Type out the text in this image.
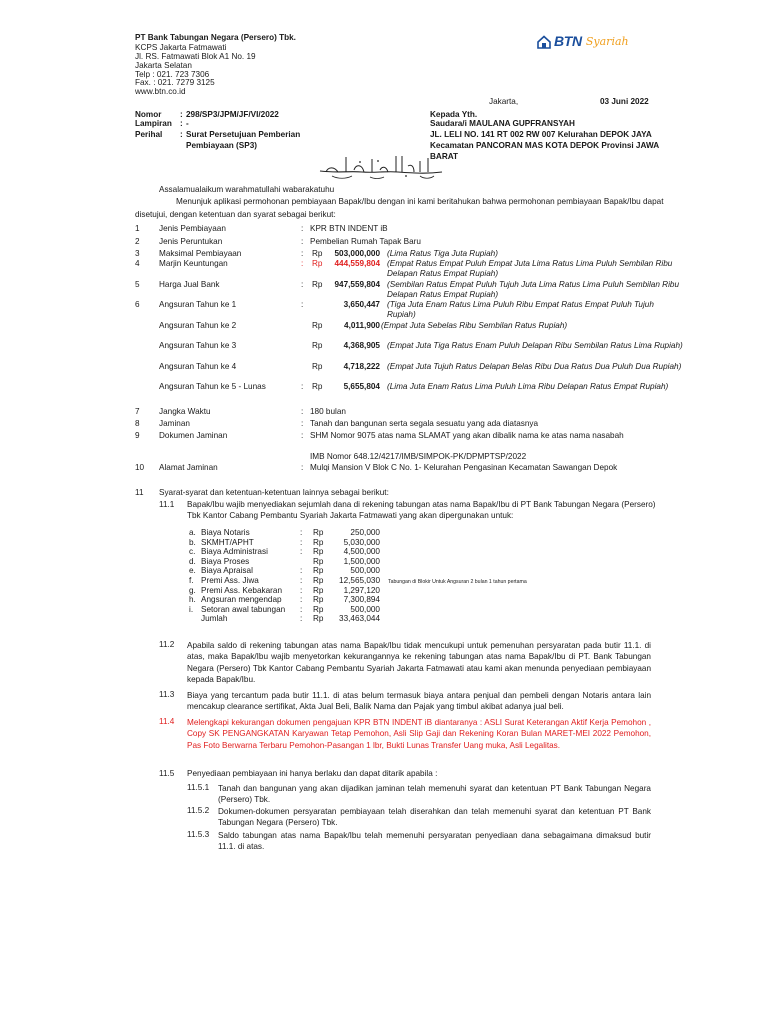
PT Bank Tabungan Negara (Persero) Tbk.
KCPS Jakarta Fatmawati
Jl. RS. Fatmawati Blok A1 No. 19
Jakarta Selatan
Telp : 021. 723 7306
Fax. : 021. 7279 3125
www.btn.co.id
BTN Syariah
Jakarta,	03 Juni 2022
Nomor : 298/SP3/JPM/JF/VI/2022
Lampiran : -
Perihal : Surat Persetujuan Pemberian
Pembiayaan (SP3)
Kepada Yth.
Saudara/i MAULANA GUPFRANSYAH
JL. LELI NO. 141 RT 002 RW 007 Kelurahan DEPOK JAYA
Kecamatan PANCORAN MAS KOTA DEPOK Provinsi JAWA
BARAT
Assalamualaikum warahmatullahi wabarakatuhu
Menunjuk aplikasi permohonan pembiayaan Bapak/Ibu dengan ini kami beritahukan bahwa permohonan pembiayaan Bapak/Ibu dapat
disetujui, dengan ketentuan dan syarat sebagai berikut:
1 Jenis Pembiayaan	: KPR BTN INDENT iB
2 Jenis Peruntukan	: Pembelian Rumah Tapak Baru
3 Maksimal Pembiayaan	: Rp	503,000,000 (Lima Ratus Tiga Juta Rupiah)
4 Marjin Keuntungan	: Rp	444,559,804 (Empat Ratus Empat Puluh Empat Juta Lima Ratus Lima Puluh Sembilan Ribu
Delapan Ratus Empat Rupiah)
5 Harga Jual Bank	: Rp	947,559,804 (Sembilan Ratus Empat Puluh Tujuh Juta Lima Ratus Lima Puluh Sembilan Ribu
Delapan Ratus Empat Rupiah)
6 Angsuran Tahun ke 1	:	3,650,447 (Tiga Juta Enam Ratus Lima Puluh Ribu Empat Ratus Empat Puluh Tujuh
Rupiah)
Angsuran Tahun ke 2	Rp	4,011,900 (Empat Juta Sebelas Ribu Sembilan Ratus Rupiah)
Angsuran Tahun ke 3	Rp	4,368,905 (Empat Juta Tiga Ratus Enam Puluh Delapan Ribu Sembilan Ratus Lima Rupiah)
Angsuran Tahun ke 4	Rp	4,718,222 (Empat Juta Tujuh Ratus Delapan Belas Ribu Dua Ratus Dua Puluh Dua Rupiah)
Angsuran Tahun ke 5 - Lunas	: Rp	5,655,804 (Lima Juta Enam Ratus Lima Puluh Lima Ribu Delapan Ratus Empat Rupiah)
7 Jangka Waktu	: 180 bulan
8 Jaminan	: Tanah dan bangunan serta segala sesuatu yang ada diatasnya
9 Dokumen Jaminan	: SHM Nomor 9075 atas nama SLAMAT yang akan dibalik nama ke atas nama nasabah
IMB Nomor 648.12/4217/IMB/SIMPOK-PK/DPMPTSP/2022
10 Alamat Jaminan	: Mulqi Mansion V Blok C No. 1- Kelurahan Pengasinan Kecamatan Sawangan Depok
11 Syarat-syarat dan ketentuan-ketentuan lainnya sebagai berikut:
11.1 Bapak/Ibu wajib menyediakan sejumlah dana di rekening tabungan atas nama Bapak/Ibu di PT Bank Tabungan Negara (Persero)
Tbk Kantor Cabang Pembantu Syariah Jakarta Fatmawati yang akan dipergunakan untuk:
a. Biaya Notaris	: Rp	250,000
b. SKMHT/APHT	: Rp	5,030,000
c. Biaya Administrasi	: Rp	4,500,000
d. Biaya Proses	Rp	1,500,000
e. Biaya Apraisal	: Rp	500,000
f. Premi Ass. Jiwa	: Rp	12,565,030
g. Premi Ass. Kebakaran : Rp	1,297,120
h. Angsuran mengendap : Rp	7,300,894
i. Setoran awal tabungan : Rp	500,000
Jumlah	: Rp	33,463,044
Tabungan di Blokir Untuk Angsuran 2 bulan 1 tahun pertama
11.2 Apabila saldo di rekening tabungan atas nama Bapak/Ibu tidak mencukupi untuk pemenuhan persyaratan pada butir 11.1. di atas, maka Bapak/Ibu wajib menyetorkan kekurangannya ke rekening tabungan atas nama Bapak/Ibu di PT. Bank Tabungan Negara (Persero) Tbk Kantor Cabang Pembantu Syariah Jakarta Fatmawati atau kami akan menunda penyediaan pembiayaan kepada Bapak/Ibu.
11.3 Biaya yang tercantum pada butir 11.1. di atas belum termasuk biaya antara penjual dan pembeli dengan Notaris antara lain mencakup clearance sertifikat, Akta Jual Beli, Balik Nama dan Pajak yang timbul akibat adanya jual beli.
11.4 Melengkapi kekurangan dokumen pengajuan KPR BTN INDENT iB diantaranya : ASLI Surat Keterangan Aktif Kerja Pemohon , Copy SK PENGANGKATAN Karyawan Tetap Pemohon, Asli Slip Gaji dan Rekening Koran Bulan MARET-MEI 2022 Pemohon, Pas Foto Berwarna Terbaru Pemohon-Pasangan 1 lbr, Bukti Lunas Transfer Uang muka, Asli Legalitas.
11.5 Penyediaan pembiayaan ini hanya berlaku dan dapat ditarik apabila :
11.5.1 Tanah dan bangunan yang akan dijadikan jaminan telah memenuhi syarat dan ketentuan PT Bank Tabungan Negara (Persero) Tbk.
11.5.2 Dokumen-dokumen persyaratan pembiayaan telah diserahkan dan telah memenuhi syarat dan ketentuan PT Bank Tabungan Negara (Persero) Tbk.
11.5.3 Saldo tabungan atas nama Bapak/Ibu telah memenuhi persyaratan penyediaan dana sebagaimana dimaksud butir 11.1. di atas.
